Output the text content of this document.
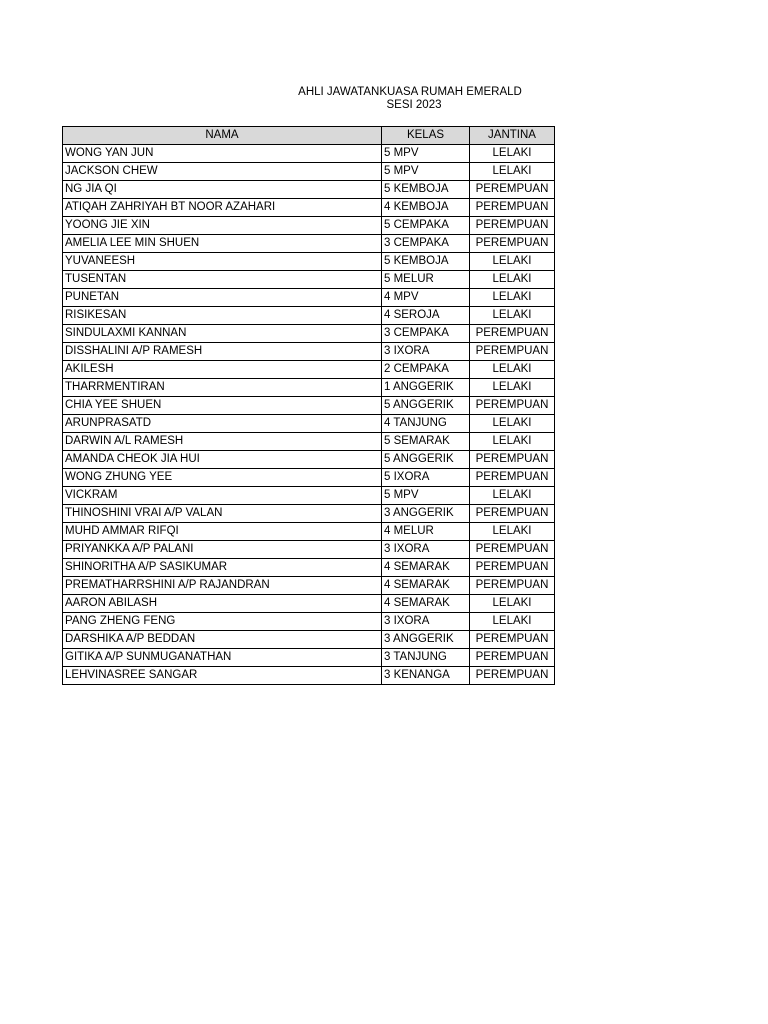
AHLI JAWATANKUASA RUMAH EMERALD
SESI 2023
NAMA	KELAS	JANTINA
WONG YAN JUN	5 MPV	LELAKI
JACKSON CHEW	5 MPV	LELAKI
NG JIA QI	5 KEMBOJA	PEREMPUAN
ATIQAH ZAHRIYAH BT NOOR AZAHARI	4 KEMBOJA	PEREMPUAN
YOONG JIE XIN	5 CEMPAKA	PEREMPUAN
AMELIA LEE MIN SHUEN	3 CEMPAKA	PEREMPUAN
YUVANEESH	5 KEMBOJA	LELAKI
TUSENTAN	5 MELUR	LELAKI
PUNETAN	4 MPV	LELAKI
RISIKESAN	4 SEROJA	LELAKI
SINDULAXMI KANNAN	3 CEMPAKA	PEREMPUAN
DISSHALINI A/P RAMESH	3 IXORA	PEREMPUAN
AKILESH	2 CEMPAKA	LELAKI
THARRMENTIRAN	1 ANGGERIK	LELAKI
CHIA YEE SHUEN	5 ANGGERIK	PEREMPUAN
ARUNPRASATD	4 TANJUNG	LELAKI
DARWIN A/L RAMESH	5 SEMARAK	LELAKI
AMANDA CHEOK JIA HUI	5 ANGGERIK	PEREMPUAN
WONG ZHUNG YEE	5 IXORA	PEREMPUAN
VICKRAM	5 MPV	LELAKI
THINOSHINI VRAI A/P VALAN	3 ANGGERIK	PEREMPUAN
MUHD AMMAR RIFQI	4 MELUR	LELAKI
PRIYANKKA A/P PALANI	3 IXORA	PEREMPUAN
SHINORITHA A/P SASIKUMAR	4 SEMARAK	PEREMPUAN
PREMATHARRSHINI A/P RAJANDRAN	4 SEMARAK	PEREMPUAN
AARON ABILASH	4 SEMARAK	LELAKI
PANG ZHENG FENG	3 IXORA	LELAKI
DARSHIKA A/P BEDDAN	3 ANGGERIK	PEREMPUAN
GITIKA A/P SUNMUGANATHAN	3 TANJUNG	PEREMPUAN
LEHVINASREE SANGAR	3 KENANGA	PEREMPUAN
